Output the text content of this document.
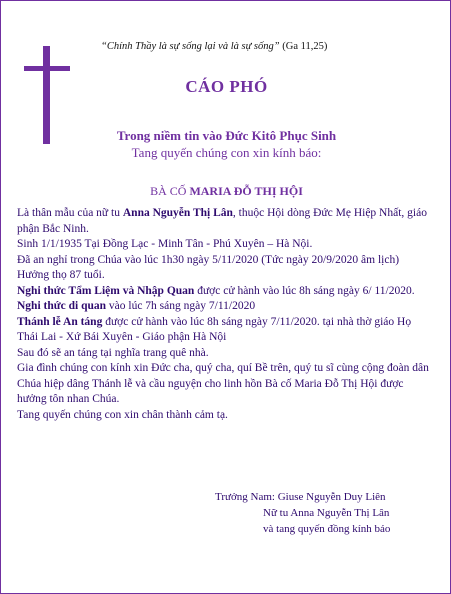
“Chính Thầy là sự sống lại và là sự sống” (Ga 11,25)
CÁO PHÓ
Trong niềm tin vào Đức Kitô Phục Sinh
Tang quyến chúng con xin kính báo:
BÀ CỐ MARIA ĐỖ THỊ HỘI

Là thân mẫu của nữ tu Anna Nguyễn Thị Lân, thuộc Hội dòng Đức Mẹ Hiệp Nhất, giáo phận Bắc Ninh.

Sinh 1/1/1935 Tại Đồng Lạc - Minh Tân - Phú Xuyên – Hà Nội.

Đã an nghỉ trong Chúa vào lúc 1h30 ngày 5/11/2020 (Tức ngày 20/9/2020 âm lịch)

Hưởng thọ 87 tuổi.

Nghi thức Tẩm Liệm và Nhập Quan được cử hành vào lúc 8h sáng ngày 6/ 11/2020.

Nghi thức di quan vào lúc 7h sáng ngày 7/11/2020

Thánh lễ An táng được cử hành vào lúc 8h sáng ngày 7/11/2020. tại nhà thờ giáo Họ Thái Lai - Xứ Bái Xuyên - Giáo phận Hà Nội

Sau đó sẽ an táng tại nghĩa trang quê nhà.

Gia đình chúng con kính xin Đức cha, quý cha, quí Bề trên, quý tu sĩ cùng cộng đoàn dân Chúa hiệp dâng Thánh lễ và cầu nguyện cho linh hồn Bà cố Maria Đỗ Thị Hội được hưởng tôn nhan Chúa.

Tang quyến chúng con xin chân thành cảm tạ.

Trưởng Nam: Giuse Nguyễn Duy Liên
Nữ tu Anna Nguyễn Thị Lân
và tang quyến đồng kính báo
